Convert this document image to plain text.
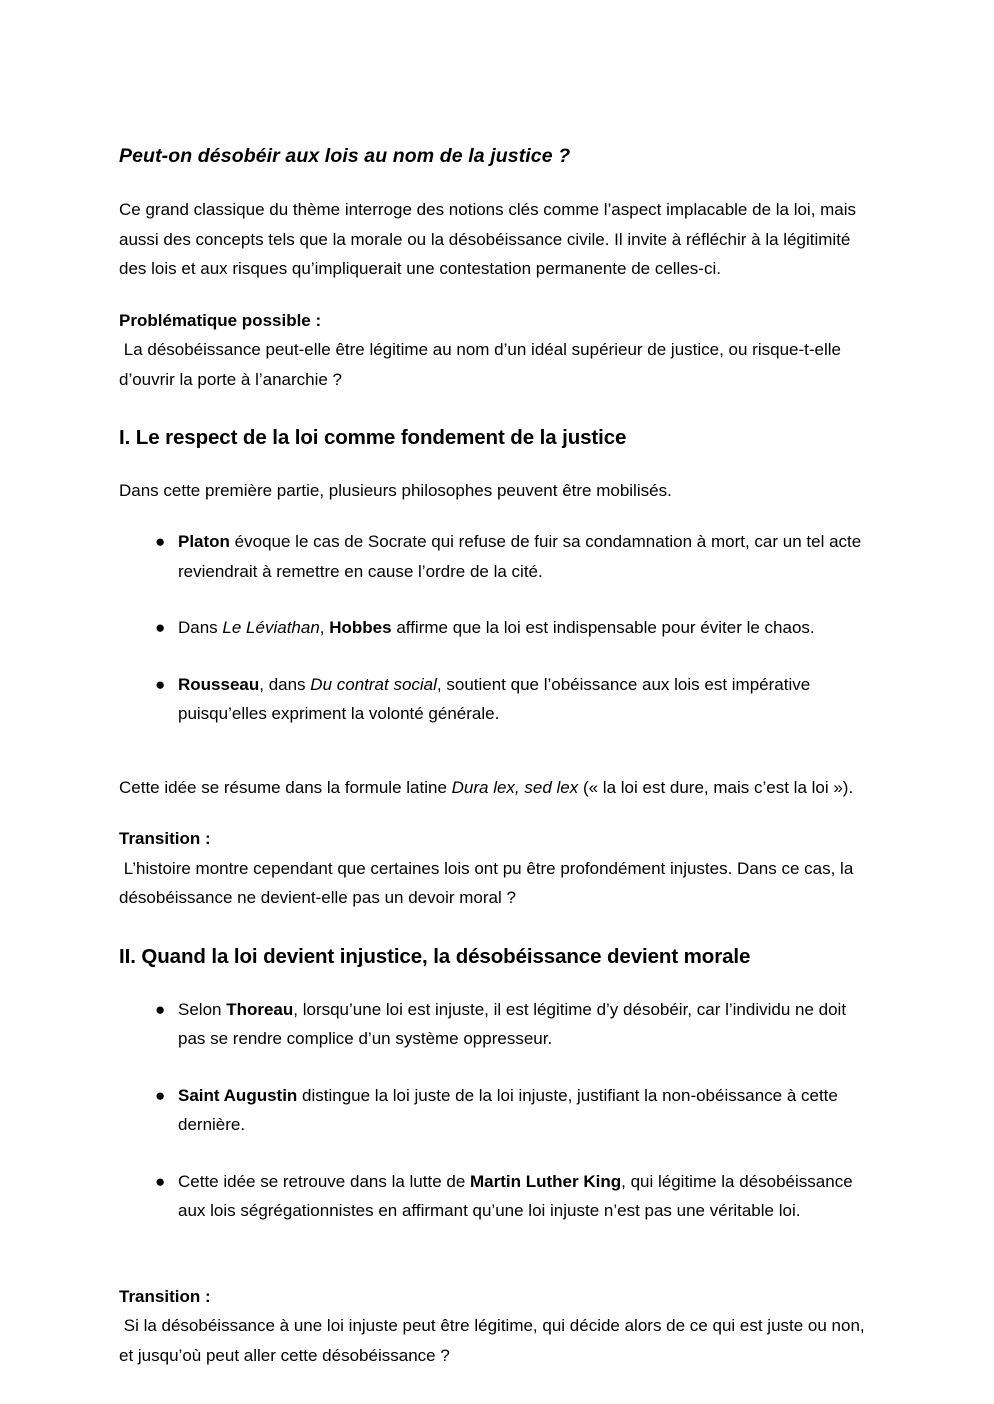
Peut-on désobéir aux lois au nom de la justice ?

Ce grand classique du thème interroge des notions clés comme l’aspect implacable de la loi, mais aussi des concepts tels que la morale ou la désobéissance civile. Il invite à réfléchir à la légitimité des lois et aux risques qu’impliquerait une contestation permanente de celles-ci.

Problématique possible :
La désobéissance peut-elle être légitime au nom d’un idéal supérieur de justice, ou risque-t-elle d’ouvrir la porte à l’anarchie ?
I. Le respect de la loi comme fondement de la justice

Dans cette première partie, plusieurs philosophes peuvent être mobilisés.

● Platon évoque le cas de Socrate qui refuse de fuir sa condamnation à mort, car un tel acte reviendrait à remettre en cause l’ordre de la cité.
● Dans Le Léviathan, Hobbes affirme que la loi est indispensable pour éviter le chaos.
● Rousseau, dans Du contrat social, soutient que l’obéissance aux lois est impérative puisqu’elles expriment la volonté générale.

Cette idée se résume dans la formule latine Dura lex, sed lex (« la loi est dure, mais c’est la loi »).

Transition :
L’histoire montre cependant que certaines lois ont pu être profondément injustes. Dans ce cas, la désobéissance ne devient-elle pas un devoir moral ?
II. Quand la loi devient injustice, la désobéissance devient morale
● Selon Thoreau, lorsqu’une loi est injuste, il est légitime d’y désobéir, car l’individu ne doit pas se rendre complice d’un système oppresseur.
● Saint Augustin distingue la loi juste de la loi injuste, justifiant la non-obéissance à cette dernière.
● Cette idée se retrouve dans la lutte de Martin Luther King, qui légitime la désobéissance aux lois ségrégationnistes en affirmant qu’une loi injuste n’est pas une véritable loi.
Transition :
Si la désobéissance à une loi injuste peut être légitime, qui décide alors de ce qui est juste ou non, et jusqu’où peut aller cette désobéissance ?
